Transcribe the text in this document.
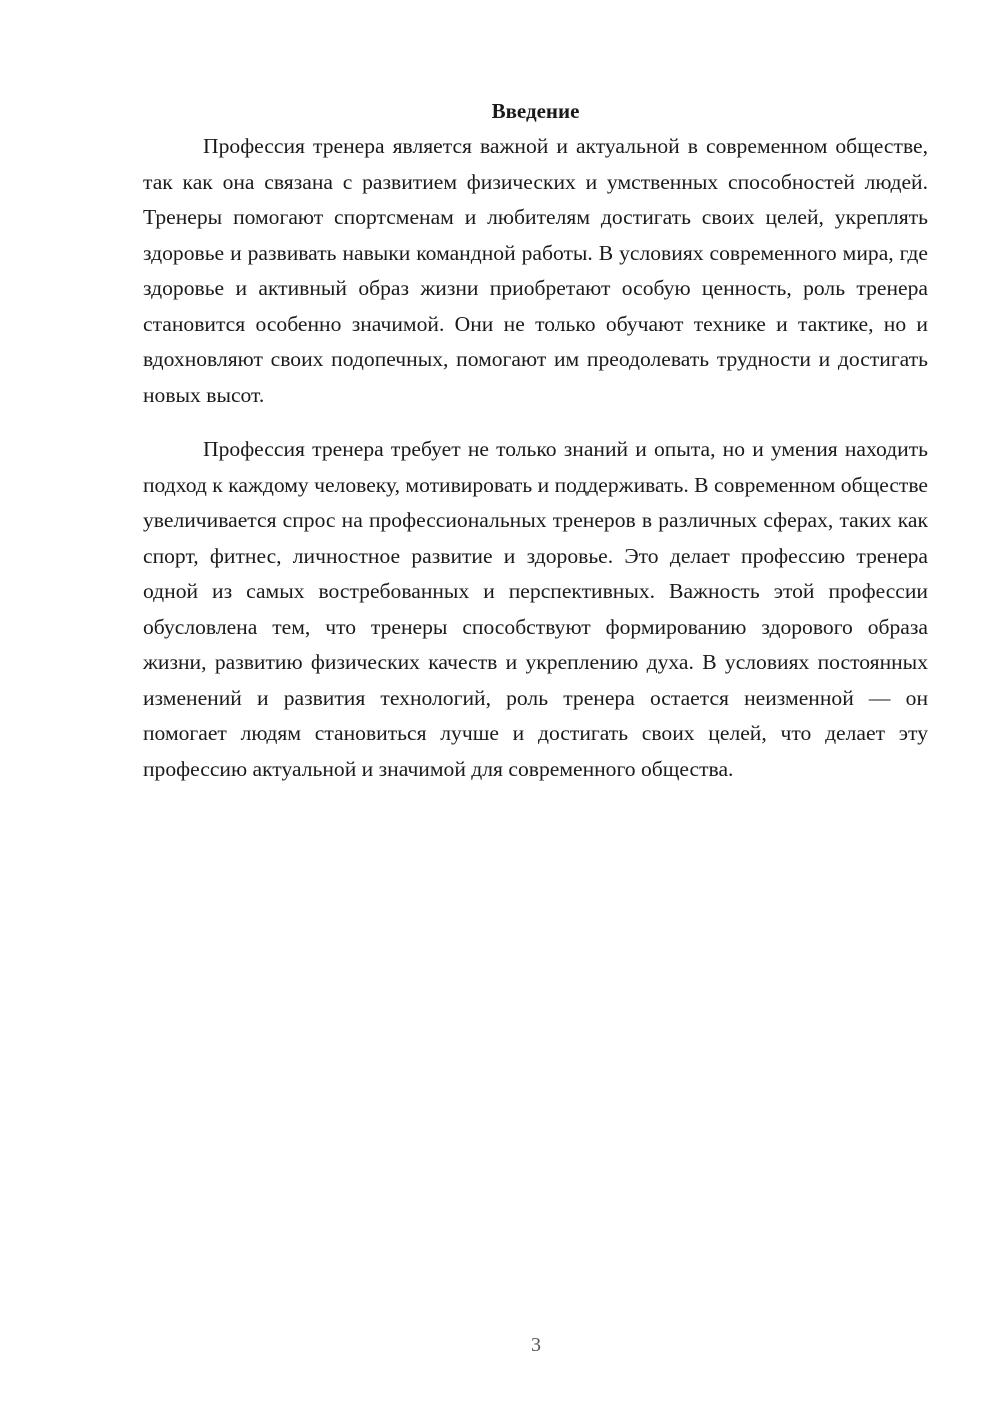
Введение

Профессия тренера является важной и актуальной в современном обществе, так как она связана с развитием физических и умственных способностей людей. Тренеры помогают спортсменам и любителям достигать своих целей, укреплять здоровье и развивать навыки командной работы. В условиях современного мира, где здоровье и активный образ жизни приобретают особую ценность, роль тренера становится особенно значимой. Они не только обучают технике и тактике, но и вдохновляют своих подопечных, помогают им преодолевать трудности и достигать новых высот.

Профессия тренера требует не только знаний и опыта, но и умения находить подход к каждому человеку, мотивировать и поддерживать. В современном обществе увеличивается спрос на профессиональных тренеров в различных сферах, таких как спорт, фитнес, личностное развитие и здоровье. Это делает профессию тренера одной из самых востребованных и перспективных. Важность этой профессии обусловлена тем, что тренеры способствуют формированию здорового образа жизни, развитию физических качеств и укреплению духа. В условиях постоянных изменений и развития технологий, роль тренера остается неизменной — он помогает людям становиться лучше и достигать своих целей, что делает эту профессию актуальной и значимой для современного общества.

3
